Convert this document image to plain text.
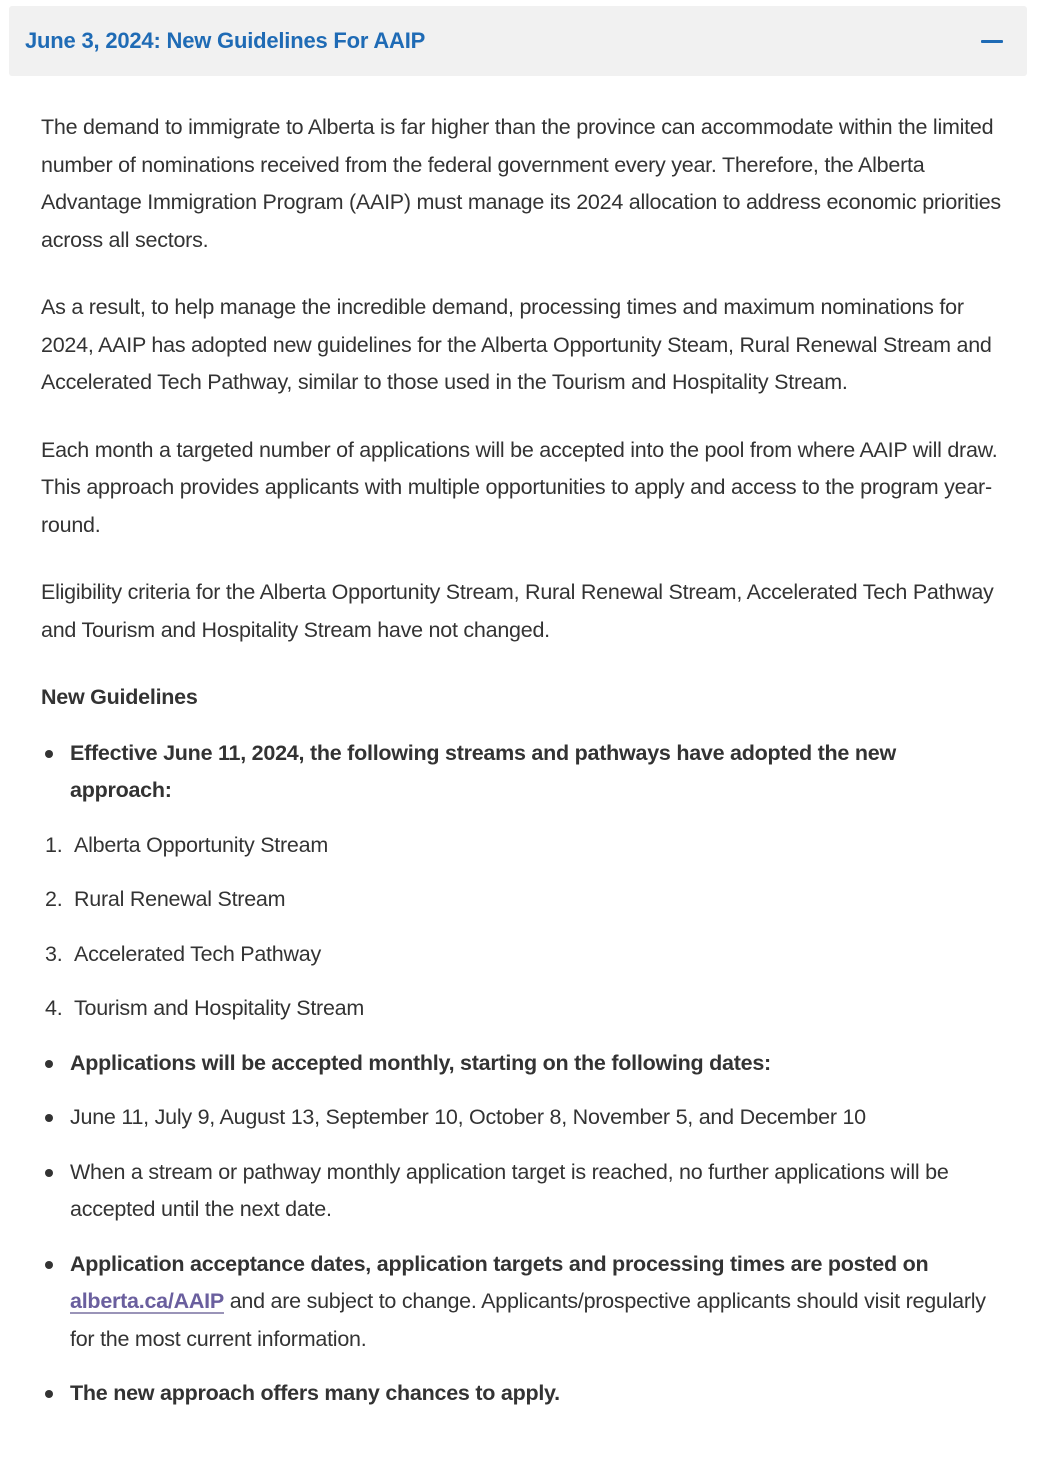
June 3, 2024: New Guidelines For AAIP

The demand to immigrate to Alberta is far higher than the province can accommodate within the limited number of nominations received from the federal government every year. Therefore, the Alberta Advantage Immigration Program (AAIP) must manage its 2024 allocation to address economic priorities across all sectors.

As a result, to help manage the incredible demand, processing times and maximum nominations for 2024, AAIP has adopted new guidelines for the Alberta Opportunity Steam, Rural Renewal Stream and Accelerated Tech Pathway, similar to those used in the Tourism and Hospitality Stream.

Each month a targeted number of applications will be accepted into the pool from where AAIP will draw. This approach provides applicants with multiple opportunities to apply and access to the program year-round.

Eligibility criteria for the Alberta Opportunity Stream, Rural Renewal Stream, Accelerated Tech Pathway and Tourism and Hospitality Stream have not changed.

New Guidelines
Effective June 11, 2024, the following streams and pathways have adopted the new approach:
1. Alberta Opportunity Stream
2. Rural Renewal Stream
3. Accelerated Tech Pathway
4. Tourism and Hospitality Stream
Applications will be accepted monthly, starting on the following dates:
June 11, July 9, August 13, September 10, October 8, November 5, and December 10
When a stream or pathway monthly application target is reached, no further applications will be accepted until the next date.
Application acceptance dates, application targets and processing times are posted on alberta.ca/AAIP and are subject to change. Applicants/prospective applicants should visit regularly for the most current information.
The new approach offers many chances to apply.
